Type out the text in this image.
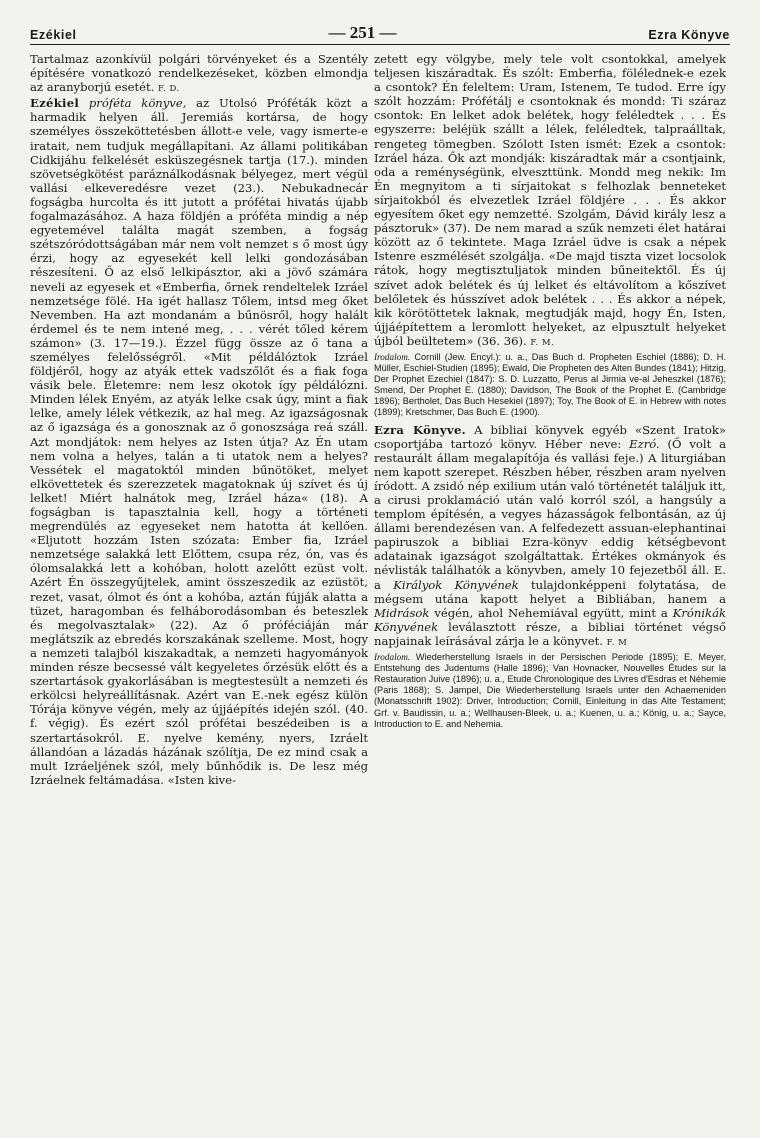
Ezékiel	— 251 —	Ezra Könyve

Tartalmaz azonkívül polgári törvényeket és a Szentély építésére vonatkozó rendelkezéseket, közben elmondja az aranyborjú esetét. F. D.

Ezékiel próféta könyve, az Utolsó Próféták közt a harmadik helyen áll. Jeremiás kortársa, de hogy személyes összeköttetésben állott-e vele, vagy ismerte-e iratait, nem tudjuk megállapítani. Az állami politikában Cidkijáhu felkelését esküszegésnek tartja (17.). minden szövetségkötést paráználkodásnak bélyegez, mert végül vallási elkeveredésre vezet (23.). Nebukadnecár fogságba hurcolta és itt jutott a prófétai hivatás újabb fogalmazásához. A haza földjén a próféta mindig a nép egyetemével találta magát szemben, a fogság szétszóródottságában már nem volt nemzet s ő most úgy érzi, hogy az egyesekét kell lelki gondozásában részesíteni. Ő az első lelkipásztor, aki a jövő számára neveli az egyesek et «Emberfia, őrnek rendeltelek Izráel nemzetsége fölé. Ha igét hallasz Tőlem, intsd meg őket Nevemben. Ha azt mondanám a bűnösről, hogy halált érdemel és te nem intené meg, . . . vérét tőled kérem számon» (3. 17—19.). Ézzel függ össze az ő tana a személyes felelősségről. «Mit példálóztok Izráel földjéről, hogy az atyák ettek vadszőlőt és a fiak foga vásik bele. Életemre: nem lesz okotok így példálózni. Minden lélek Enyém, az atyák lelke csak úgy, mint a fiak lelke, amely lélek vétkezik, az hal meg. Az igazságosnak az ő igazsága és a gonosznak az ő gonoszsága reá száll. Azt mondjátok: nem helyes az Isten útja? Az Én utam nem volna a helyes, talán a ti utatok nem a helyes? Vessétek el magatoktól minden bűnötöket, melyet elkövettetek és szerezzetek magatoknak új szívet és új lelket! Miért halnátok meg, Izráel háza« (18). A fogságban is tapasztalnia kell, hogy a történeti megrendülés az egyeseket nem hatotta át kellően. «Eljutott hozzám Isten szózata: Ember fia, Izráel nemzetsége salakká lett Előttem, csupa réz, ón, vas és ólomsalakká lett a kohóban, holott azelőtt ezüst volt. Azért Én összegyűjtelek, amint összeszedik az ezüstöt, rezet, vasat, ólmot és ónt a kohóba, aztán fújják alatta a tüzet, haragomban és felháborodásomban és beteszlek és megolvasztalak» (22). Az ő próféciáján már meglátszik az ebredés korszakának szelleme. Most, hogy a nemzeti talajból kiszakadtak, a nemzeti hagyományok minden része becsessé vált kegyeletes őrzésük előtt és a szertartások gyakorlásában is megtestesült a nemzeti és erkölcsi helyreállításnak. Azért van E.-nek egész külön Tórája könyve végén, mely az újjáépítés idején szól. (40. f. végig). És ezért szól prófétai beszédeiben is a szertartásokról. E. nyelve kemény, nyers, Izráelt állandóan a lázadás házának szólítja, De ez mind csak a mult Izráeljének szól, mely bűnhődik is. De lesz még Izráelnek feltámadása. «Isten kive-

zetett egy völgybe, mely tele volt csontokkal, amelyek teljesen kiszáradtak. És szólt: Emberfia, fölélednek-e ezek a csontok? Én feleltem: Uram, Istenem, Te tudod. Erre így szólt hozzám: Prófétálj e csontoknak és mondd: Ti száraz csontok: En lelket adok belétek, hogy feléledtek . . . És egyszerre: beléjük szállt a lélek, feléledtek, talpraálltak, rengeteg tömegben. Szólott Isten ismét: Ezek a csontok: Izráel háza. Ők azt mondják: kiszáradtak már a csontjaink, oda a reménységünk, elveszttünk. Mondd meg nekik: Im Én megnyitom a ti sírjaitokat s felhozlak benneteket sírjaitokból és elvezetlek Izráel földjére . . . És akkor egyesítem őket egy nemzetté. Szolgám, Dávid király lesz a pásztoruk» (37). De nem marad a szűk nemzeti élet határai között az ő tekintete. Maga Izráel üdve is csak a népek Istenre eszmélését szolgálja. «De majd tiszta vizet locsolok rátok, hogy megtisztuljatok minden bűneitektől. És új szívet adok belétek és új lelket és eltávolítom a kőszívet belőletek és hússzívet adok belétek . . . És akkor a népek, kik körötöttetek laknak, megtudják majd, hogy Én, Isten, újjáépítettem a leromlott helyeket, az elpusztult helyeket újból beültetem» (36. 36). F. M.

Irodalom. Cornill (Jew. Encyl.): u. a., Das Buch d. Propheten Eschiel (1886); D. H. Müller, Eschiel-Studien (1895); Ewald, Die Propheten des Alten Bundes (1841); Hitzig, Der Prophet Ezechiel (1847): S. D. Luzzatto, Perus al Jirmia ve-al Jeheszkel (1876); Smend, Der Prophet E. (1880); Davidson, The Book of the Prophet E. (Cambridge 1896); Bertholet, Das Buch Hesekiel (1897); Toy, The Book of E. in Hebrew with notes (1899); Kretschmer, Das Buch E. (1900).

Ezra Könyve. A bibliai könyvek egyéb «Szent Iratok» csoportjába tartozó könyv. Héber neve: Ezró. (Ő volt a restaurált állam megalapítója és vallási feje.) A liturgiában nem kapott szerepet. Részben héber, részben aram nyelven íródott. A zsidó nép exilium után való történetét találjuk itt, a cirusi proklamáció után való korról szól, a hangsúly a templom építésén, a vegyes házasságok felbontásán, az új állami berendezésen van. A felfedezett assuan-elephantinai papiruszok a bibliai Ezra-könyv eddig kétségbevont adatainak igazságot szolgáltattak. Értékes okmányok és névlisták találhatók a könyvben, amely 10 fejezetből áll. E. a Királyok Könyvének tulajdonképpeni folytatása, de mégsem utána kapott helyet a Bibliában, hanem a Midrások végén, ahol Nehemiával együtt, mint a Krónikák Könyvének leválasztott része, a bibliai történet végső napjainak leírásával zárja le a könyvet. F. M

Irodalom. Wiederherstellung Israels in der Persischen Periode (1895); E. Meyer, Entstehung des Judentums (Halle 1896); Van Hovnacker, Nouvelles Études sur la Restauration Juive (1896); u. a., Etude Chronologique des Livres d'Esdras et Néhemie (Paris 1868); S. Jampel, Die Wiederherstellung Israels unter den Achaemeniden (Monatsschrift 1902): Driver, Introduction; Cornill, Einleitung in das Alte Testament; Grf. v. Baudissin, u. a.; Wellhausen-Bleek, u. a.; Kuenen, u. a.; König, u. a.; Sayce, Introduction to E. and Nehemia.
